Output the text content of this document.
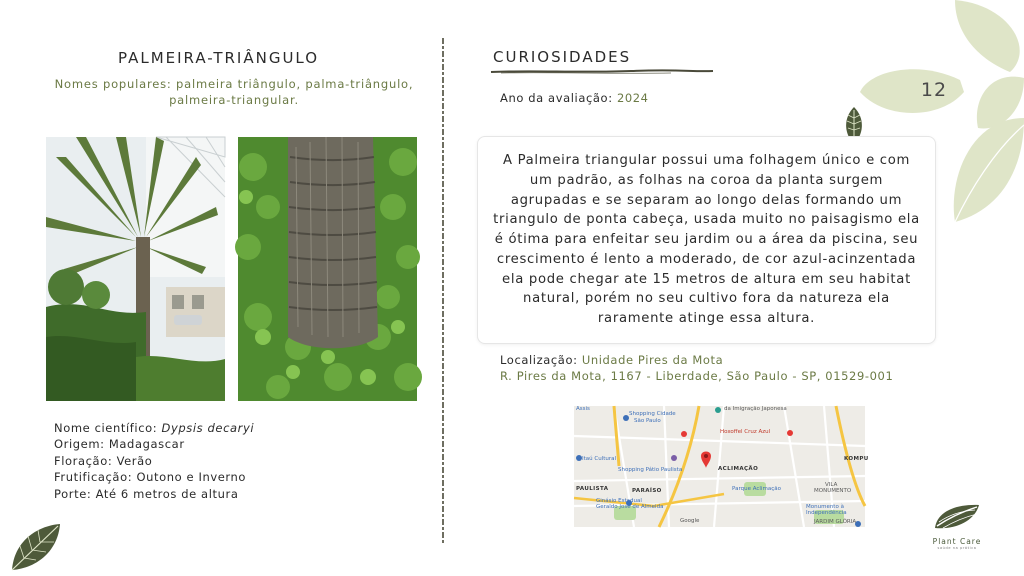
12
PALMEIRA-TRIÂNGULO
Nomes populares: palmeira triângulo, palma-triângulo, palmeira-triangular.
Nome científico: Dypsis decaryi
Origem: Madagascar
Floração: Verão
Frutificação: Outono e Inverno
Porte: Até 6 metros de altura
CURIOSIDADES
Ano da avaliação: 2024

A Palmeira triangular possui uma folhagem único e com um padrão, as folhas na coroa da planta surgem agrupadas e se separam ao longo delas formando um triangulo de ponta cabeça, usada muito no paisagismo ela é ótima para enfeitar seu jardim ou a área da piscina, seu crescimento é lento a moderado, de cor azul-acinzentada ela pode chegar ate 15 metros de altura em seu habitat natural, porém no seu cultivo fora da natureza ela raramente atinge essa altura.

Localização: Unidade Pires da Mota
R. Pires da Mota, 1167 - Liberdade, São Paulo - SP, 01529-001
Assis
Shopping Cidade
São Paulo
da Imigração Japonesa
Hoxoffel Cruz Azul
Itaú Cultural
Shopping Pátio Paulista	ACLIMAÇÃO
KOMPU
PAULISTA	PARAÍSO	Parque Aclimação
VILA
MONUMENTO
Ginásio Estadual
Geraldo José de Almeida	Monumento à
Independência
JARDIM GLÓRIA
Google
Plant Care
saúde na prática
